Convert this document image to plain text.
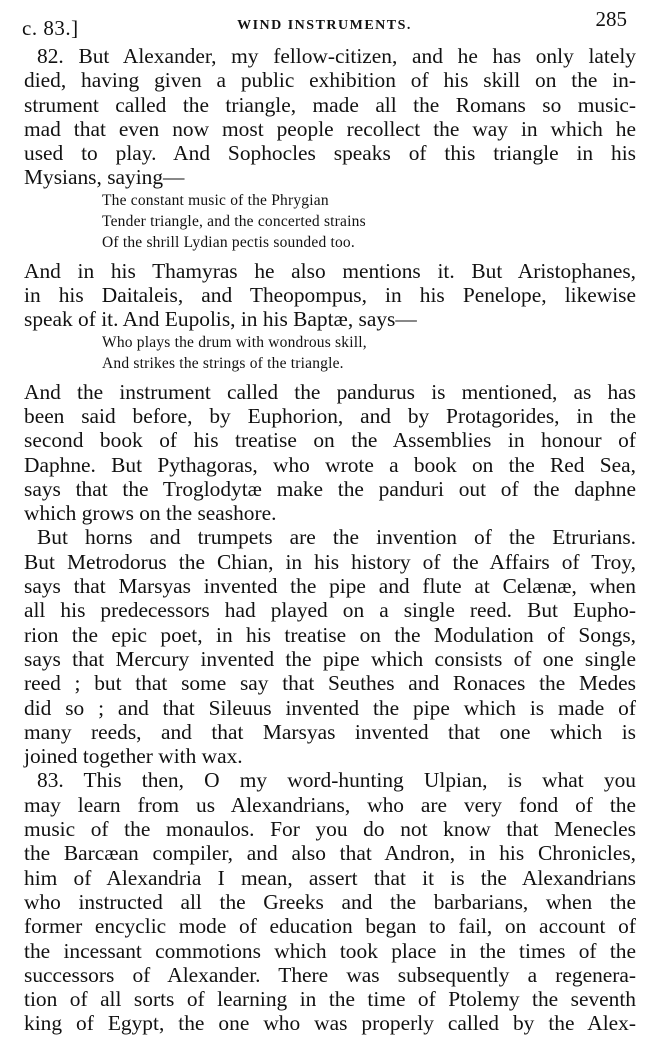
c. 83.]	WIND INSTRUMENTS.	285
82. But Alexander, my fellow-citizen, and he has only lately
died, having given a public exhibition of his skill on the in-
strument called the triangle, made all the Romans so music-
mad that even now most people recollect the way in which he
used to play. And Sophocles speaks of this triangle in his
Mysians, saying—
The constant music of the Phrygian
Tender triangle, and the concerted strains
Of the shrill Lydian pectis sounded too.
And in his Thamyras he also mentions it. But Aristophanes,
in his Daitaleis, and Theopompus, in his Penelope, likewise
speak of it. And Eupolis, in his Baptæ, says—
Who plays the drum with wondrous skill,
And strikes the strings of the triangle.
And the instrument called the pandurus is mentioned, as has
been said before, by Euphorion, and by Protagorides, in the
second book of his treatise on the Assemblies in honour of
Daphne. But Pythagoras, who wrote a book on the Red Sea,
says that the Troglodytæ make the panduri out of the daphne
which grows on the seashore.
But horns and trumpets are the invention of the Etrurians.
But Metrodorus the Chian, in his history of the Affairs of Troy,
says that Marsyas invented the pipe and flute at Celænæ, when
all his predecessors had played on a single reed. But Eupho-
rion the epic poet, in his treatise on the Modulation of Songs,
says that Mercury invented the pipe which consists of one single
reed ; but that some say that Seuthes and Ronaces the Medes
did so ; and that Sileuus invented the pipe which is made of
many reeds, and that Marsyas invented that one which is
joined together with wax.
83. This then, O my word-hunting Ulpian, is what you
may learn from us Alexandrians, who are very fond of the
music of the monaulos. For you do not know that Menecles
the Barcæan compiler, and also that Andron, in his Chronicles,
him of Alexandria I mean, assert that it is the Alexandrians
who instructed all the Greeks and the barbarians, when the
former encyclic mode of education began to fail, on account of
the incessant commotions which took place in the times of the
successors of Alexander. There was subsequently a regenera-
tion of all sorts of learning in the time of Ptolemy the seventh
king of Egypt, the one who was properly called by the Alex-
